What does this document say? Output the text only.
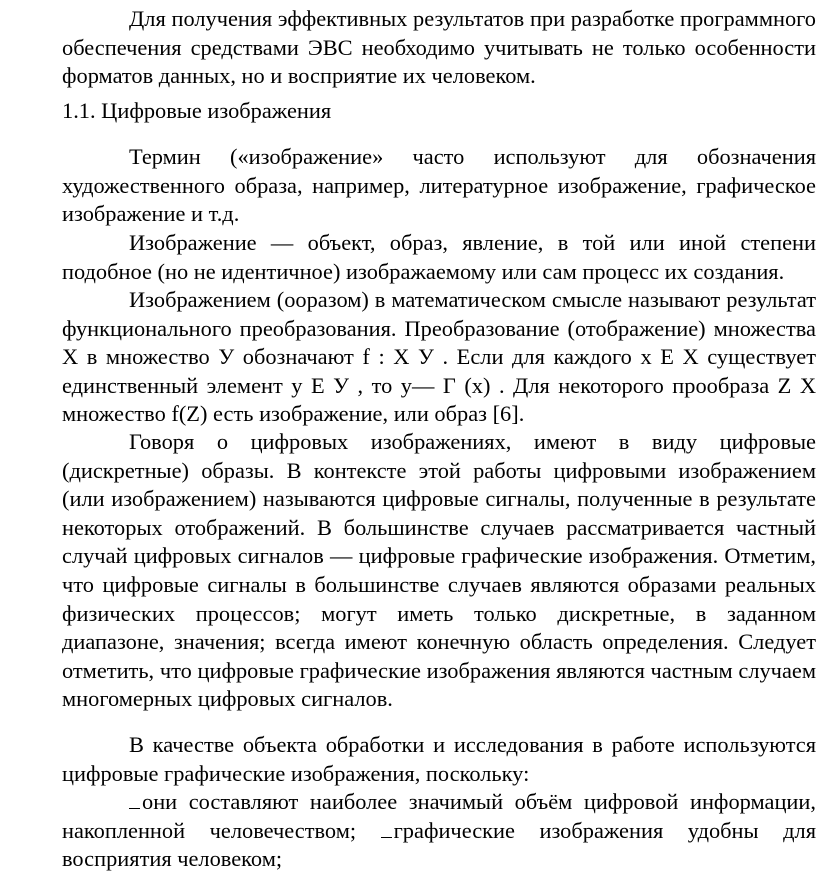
Для получения эффективных результатов при разработке программного обеспечения средствами ЭВС необходимо учитывать не только особенности форматов данных, но и восприятие их человеком.

1.1. Цифровые изображения

Термин («изображение» часто используют для обозначения художественного образа, например, литературное изображение, графическое изображение и т.д.

Изображение — объект, образ, явление, в той или иной степени подобное (но не идентичное) изображаемому или сам процесс их создания.

Изображением (ооразом) в математическом смысле называют результат функционального преобразования. Преобразование (отображение) множества X в множество У обозначают f : X У . Если для каждого x E X существует единственный элемент y E У , то y— Г (x) . Для некоторого прообраза Z X множество f(Z) есть изображение, или образ [6].

Говоря о цифровых изображениях, имеют в виду цифровые (дискретные) образы. В контексте этой работы цифровыми изображением (или изображением) называются цифровые сигналы, полученные в результате некоторых отображений. В большинстве случаев рассматривается частный случай цифровых сигналов — цифровые графические изображения. Отметим, что цифровые сигналы в большинстве случаев являются образами реальных физических процессов; могут иметь только дискретные, в заданном диапазоне, значения; всегда имеют конечную область определения. Следует отметить, что цифровые графические изображения являются частным случаем многомерных цифровых сигналов.

В качестве объекта обработки и исследования в работе используются цифровые графические изображения, поскольку:

они составляют наиболее значимый объём цифровой информации, накопленной человечеством; графические изображения удобны для восприятия человеком;
